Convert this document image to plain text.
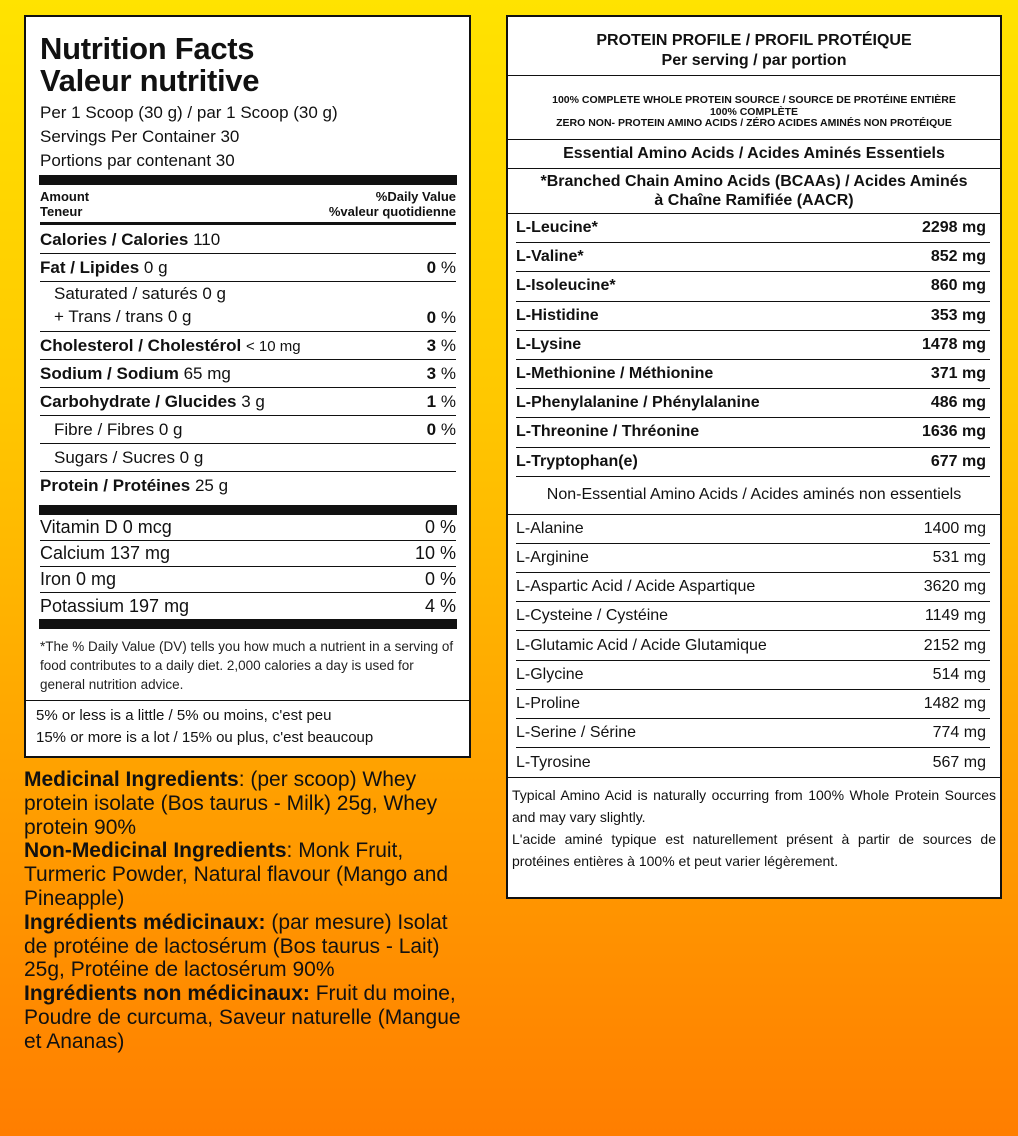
Nutrition Facts
Valeur nutritive
Per 1 Scoop (30 g) / par 1 Scoop (30 g)
Servings Per Container 30
Portions par contenant 30
Amount
Teneur
%Daily Value
%valeur quotidienne
Calories / Calories 110
Fat / Lipides 0 g	0 %
Saturated / saturés 0 g
+ Trans / trans 0 g	0 %
Cholesterol / Cholestérol < 10 mg	3 %
Sodium / Sodium 65 mg	3 %
Carbohydrate / Glucides 3 g	1 %
Fibre / Fibres 0 g	0 %
Sugars / Sucres 0 g
Protein / Protéines 25 g
Vitamin D 0 mcg	0 %
Calcium 137 mg	10 %
Iron 0 mg	0 %
Potassium 197 mg	4 %
*The % Daily Value (DV) tells you how much a nutrient in a serving of food contributes to a daily diet. 2,000 calories a day is used for general nutrition advice.
5% or less is a little / 5% ou moins, c'est peu
15% or more is a lot / 15% ou plus, c'est beaucoup
Medicinal Ingredients: (per scoop) Whey protein isolate (Bos taurus - Milk) 25g, Whey protein 90%
Non-Medicinal Ingredients: Monk Fruit, Turmeric Powder, Natural flavour (Mango and Pineapple)
Ingrédients médicinaux: (par mesure) Isolat de protéine de lactosérum (Bos taurus - Lait) 25g, Protéine de lactosérum 90%
Ingrédients non médicinaux: Fruit du moine, Poudre de curcuma, Saveur naturelle (Mangue et Ananas)
PROTEIN PROFILE / PROFIL PROTÉIQUE
Per serving / par portion
100% COMPLETE WHOLE PROTEIN SOURCE / SOURCE DE PROTÉINE ENTIÈRE
100% COMPLÈTE
ZERO NON- PROTEIN AMINO ACIDS / ZÉRO ACIDES AMINÉS NON PROTÉIQUE
Essential Amino Acids / Acides Aminés Essentiels
*Branched Chain Amino Acids (BCAAs) / Acides Aminés
à Chaîne Ramifiée (AACR)
L-Leucine*	2298 mg
L-Valine*	852 mg
L-Isoleucine*	860 mg
L-Histidine	353 mg
L-Lysine	1478 mg
L-Methionine / Méthionine	371 mg
L-Phenylalanine / Phénylalanine	486 mg
L-Threonine / Thréonine	1636 mg
L-Tryptophan(e)	677 mg
Non-Essential Amino Acids / Acides aminés non essentiels
L-Alanine	1400 mg
L-Arginine	531 mg
L-Aspartic Acid / Acide Aspartique	3620 mg
L-Cysteine / Cystéine	1149 mg
L-Glutamic Acid / Acide Glutamique	2152 mg
L-Glycine	514 mg
L-Proline	1482 mg
L-Serine / Sérine	774 mg
L-Tyrosine	567 mg
Typical Amino Acid is naturally occurring from 100% Whole Protein Sources and may vary slightly.
L'acide aminé typique est naturellement présent à partir de sources de protéines entières à 100% et peut varier légèrement.
